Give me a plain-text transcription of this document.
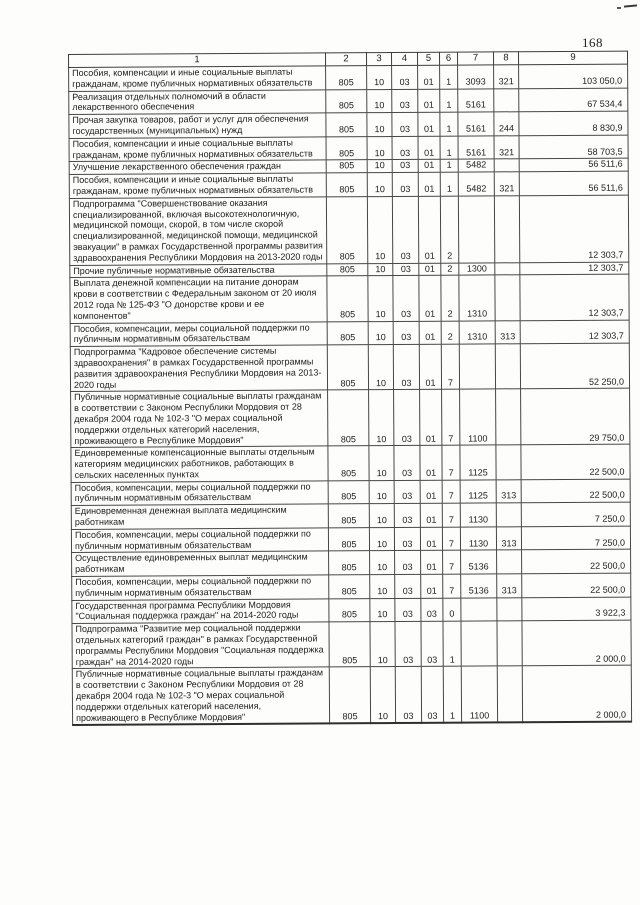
168
1	2	3	4	5	6	7	8	9
Пособия, компенсации и иные социальные выплаты гражданам, кроме публичных нормативных обязательств	805	10	03	01	1	3093	321	103 050,0
Реализация отдельных полномочий в области лекарственного обеспечения	805	10	03	01	1	5161		67 534,4
Прочая закупка товаров, работ и услуг для обеспечения государственных (муниципальных) нужд	805	10	03	01	1	5161	244	8 830,9
Пособия, компенсации и иные социальные выплаты гражданам, кроме публичных нормативных обязательств	805	10	03	01	1	5161	321	58 703,5
Улучшение лекарственного обеспечения граждан	805	10	03	01	1	5482		56 511,6
Пособия, компенсации и иные социальные выплаты гражданам, кроме публичных нормативных обязательств	805	10	03	01	1	5482	321	56 511,6
Подпрограмма "Совершенствование оказания специализированной, включая высокотехнологичную, медицинской помощи, скорой, в том числе скорой специализированной, медицинской помощи, медицинской эвакуации" в рамках Государственной программы развития здравоохранения Республики Мордовия на 2013-2020 годы	805	10	03	01	2			12 303,7
Прочие публичные нормативные обязательства	805	10	03	01	2	1300		12 303,7
Выплата денежной компенсации на питание донорам крови в соответствии с Федеральным законом от 20 июля 2012 года № 125-ФЗ "О донорстве крови и ее компонентов"	805	10	03	01	2	1310		12 303,7
Пособия, компенсации, меры социальной поддержки по публичным нормативным обязательствам	805	10	03	01	2	1310	313	12 303,7
Подпрограмма "Кадровое обеспечение системы здравоохранения" в рамках Государственной программы развития здравоохранения Республики Мордовия на 2013-2020 годы	805	10	03	01	7			52 250,0
Публичные нормативные социальные выплаты гражданам в соответствии с Законом Республики Мордовия от 28 декабря 2004 года № 102-3 "О мерах социальной поддержки отдельных категорий населения, проживающего в Республике Мордовия"	805	10	03	01	7	1100		29 750,0
Единовременные компенсационные выплаты отдельным категориям медицинских работников, работающих в сельских населенных пунктах	805	10	03	01	7	1125		22 500,0
Пособия, компенсации, меры социальной поддержки по публичным нормативным обязательствам	805	10	03	01	7	1125	313	22 500,0
Единовременная денежная выплата медицинским работникам	805	10	03	01	7	1130		7 250,0
Пособия, компенсации, меры социальной поддержки по публичным нормативным обязательствам	805	10	03	01	7	1130	313	7 250,0
Осуществление единовременных выплат медицинским работникам	805	10	03	01	7	5136		22 500,0
Пособия, компенсации, меры социальной поддержки по публичным нормативным обязательствам	805	10	03	01	7	5136	313	22 500,0
Государственная программа Республики Мордовия "Социальная поддержка граждан" на 2014-2020 годы	805	10	03	03	0			3 922,3
Подпрограмма "Развитие мер социальной поддержки отдельных категорий граждан" в рамках Государственной программы Республики Мордовия "Социальная поддержка граждан" на 2014-2020 годы	805	10	03	03	1			2 000,0
Публичные нормативные социальные выплаты гражданам в соответствии с Законом Республики Мордовия от 28 декабря 2004 года № 102-3 "О мерах социальной поддержки отдельных категорий населения, проживающего в Республике Мордовия"	805	10	03	03	1	1100		2 000,0
